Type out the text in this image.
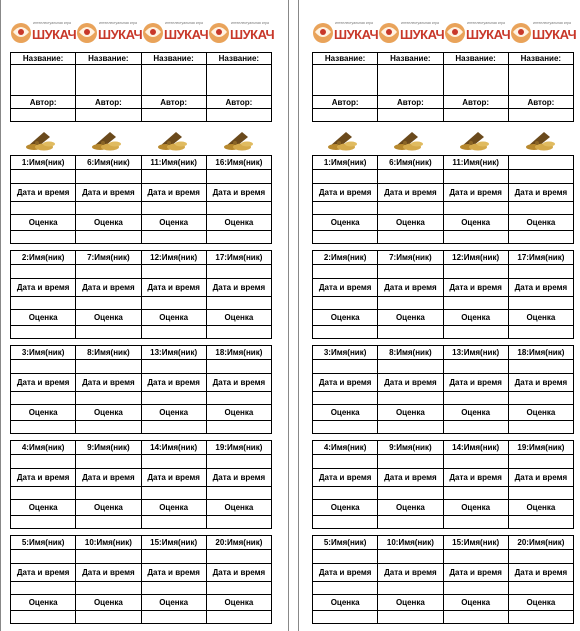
интеллектуальная игра
ШУКАЧ
интеллектуальная игра
ШУКАЧ
интеллектуальная игра
ШУКАЧ
интеллектуальная игра
ШУКАЧ
Название:	Название:	Название:	Название:

Автор:	Автор:	Автор:	Автор:

1:Имя(ник)	6:Имя(ник)	11:Имя(ник)	16:Имя(ник)

Дата и время	Дата и время	Дата и время	Дата и время

Оценка	Оценка	Оценка	Оценка

2:Имя(ник)	7:Имя(ник)	12:Имя(ник)	17:Имя(ник)

Дата и время	Дата и время	Дата и время	Дата и время

Оценка	Оценка	Оценка	Оценка

3:Имя(ник)	8:Имя(ник)	13:Имя(ник)	18:Имя(ник)

Дата и время	Дата и время	Дата и время	Дата и время

Оценка	Оценка	Оценка	Оценка

4:Имя(ник)	9:Имя(ник)	14:Имя(ник)	19:Имя(ник)

Дата и время	Дата и время	Дата и время	Дата и время

Оценка	Оценка	Оценка	Оценка

5:Имя(ник)	10:Имя(ник)	15:Имя(ник)	20:Имя(ник)

Дата и время	Дата и время	Дата и время	Дата и время

Оценка	Оценка	Оценка	Оценка

интеллектуальная игра
ШУКАЧ
интеллектуальная игра
ШУКАЧ
интеллектуальная игра
ШУКАЧ
интеллектуальная игра
ШУКАЧ
Название:	Название:	Название:	Название:

Автор:	Автор:	Автор:	Автор:

1:Имя(ник)	6:Имя(ник)	11:Имя(ник)	

Дата и время	Дата и время	Дата и время	Дата и время

Оценка	Оценка	Оценка	Оценка

2:Имя(ник)	7:Имя(ник)	12:Имя(ник)	17:Имя(ник)

Дата и время	Дата и время	Дата и время	Дата и время

Оценка	Оценка	Оценка	Оценка

3:Имя(ник)	8:Имя(ник)	13:Имя(ник)	18:Имя(ник)

Дата и время	Дата и время	Дата и время	Дата и время

Оценка	Оценка	Оценка	Оценка

4:Имя(ник)	9:Имя(ник)	14:Имя(ник)	19:Имя(ник)

Дата и время	Дата и время	Дата и время	Дата и время

Оценка	Оценка	Оценка	Оценка

5:Имя(ник)	10:Имя(ник)	15:Имя(ник)	20:Имя(ник)

Дата и время	Дата и время	Дата и время	Дата и время

Оценка	Оценка	Оценка	Оценка
